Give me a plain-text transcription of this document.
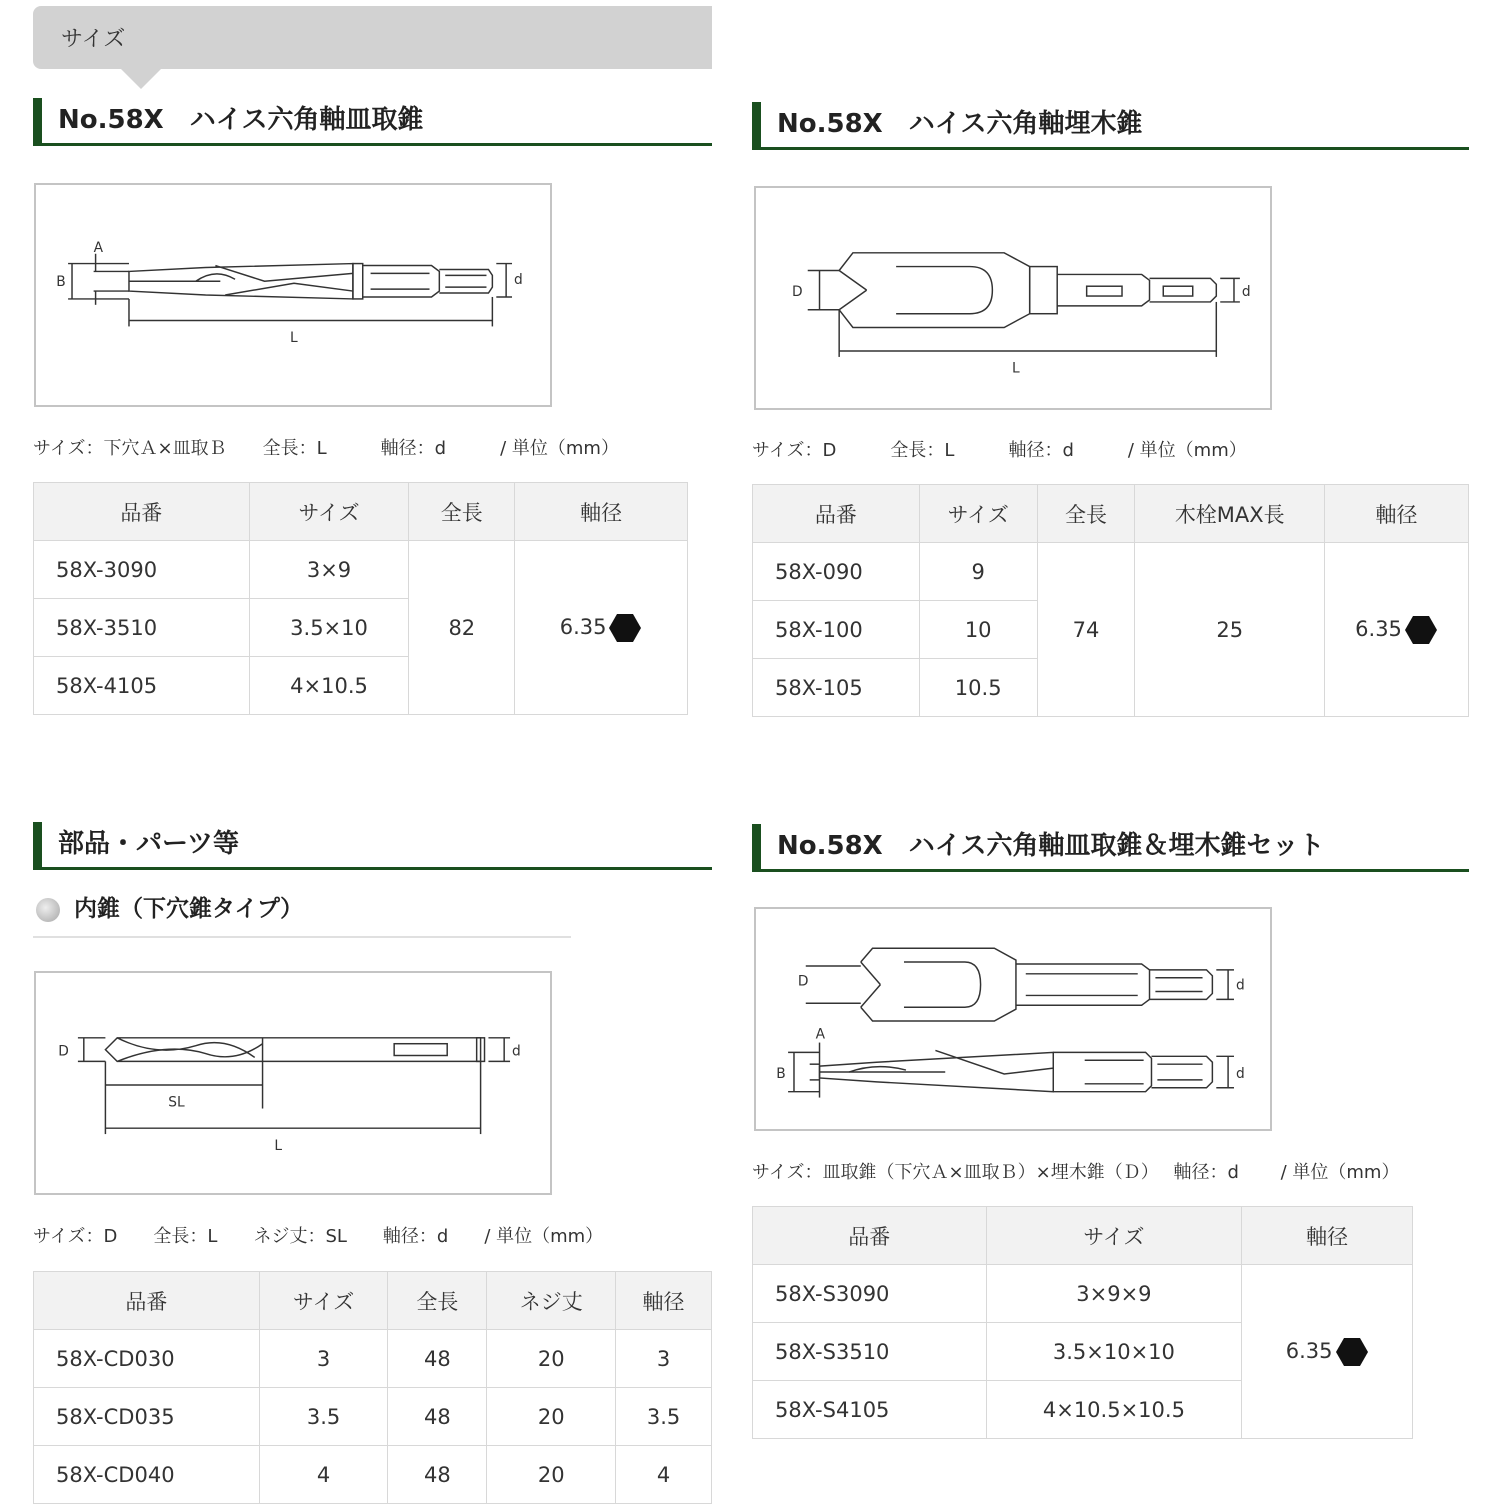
サイズ
No.58X　ハイス六角軸皿取錐
A
B	d
L
サイズ：下穴Ａ×皿取Ｂ　　全長：L　　　軸径：d　　　/ 単位（mm）
品番	サイズ	全長	軸径
58X-3090	3×9	82	6.35
58X-3510	3.5×10		
58X-4105	4×10.5		
No.58X　ハイス六角軸埋木錐
D	d
L
サイズ：D　　　全長：L　　　軸径：d　　　/ 単位（mm）
品番	サイズ	全長	木栓MAX長	軸径
58X-090	9	74	25	6.35
58X-100	10			
58X-105	10.5			
部品・パーツ等
内錐（下穴錐タイプ）
D	d
SL
L
サイズ：D　　全長：L　　ネジ丈：SL　　軸径：d　　/ 単位（mm）
品番	サイズ	全長	ネジ丈	軸径
58X-CD030	3	48	20	3
58X-CD035	3.5	48	20	3.5
58X-CD040	4	48	20	4
No.58X　ハイス六角軸皿取錐＆埋木錐セット
D	d
A
B	d
サイズ：皿取錐（下穴Ａ×皿取Ｂ）×埋木錐（Ｄ）　 軸径：d　　 / 単位（mm）
品番	サイズ	軸径
58X-S3090	3×9×9	6.35
58X-S3510	3.5×10×10	
58X-S4105	4×10.5×10.5	
